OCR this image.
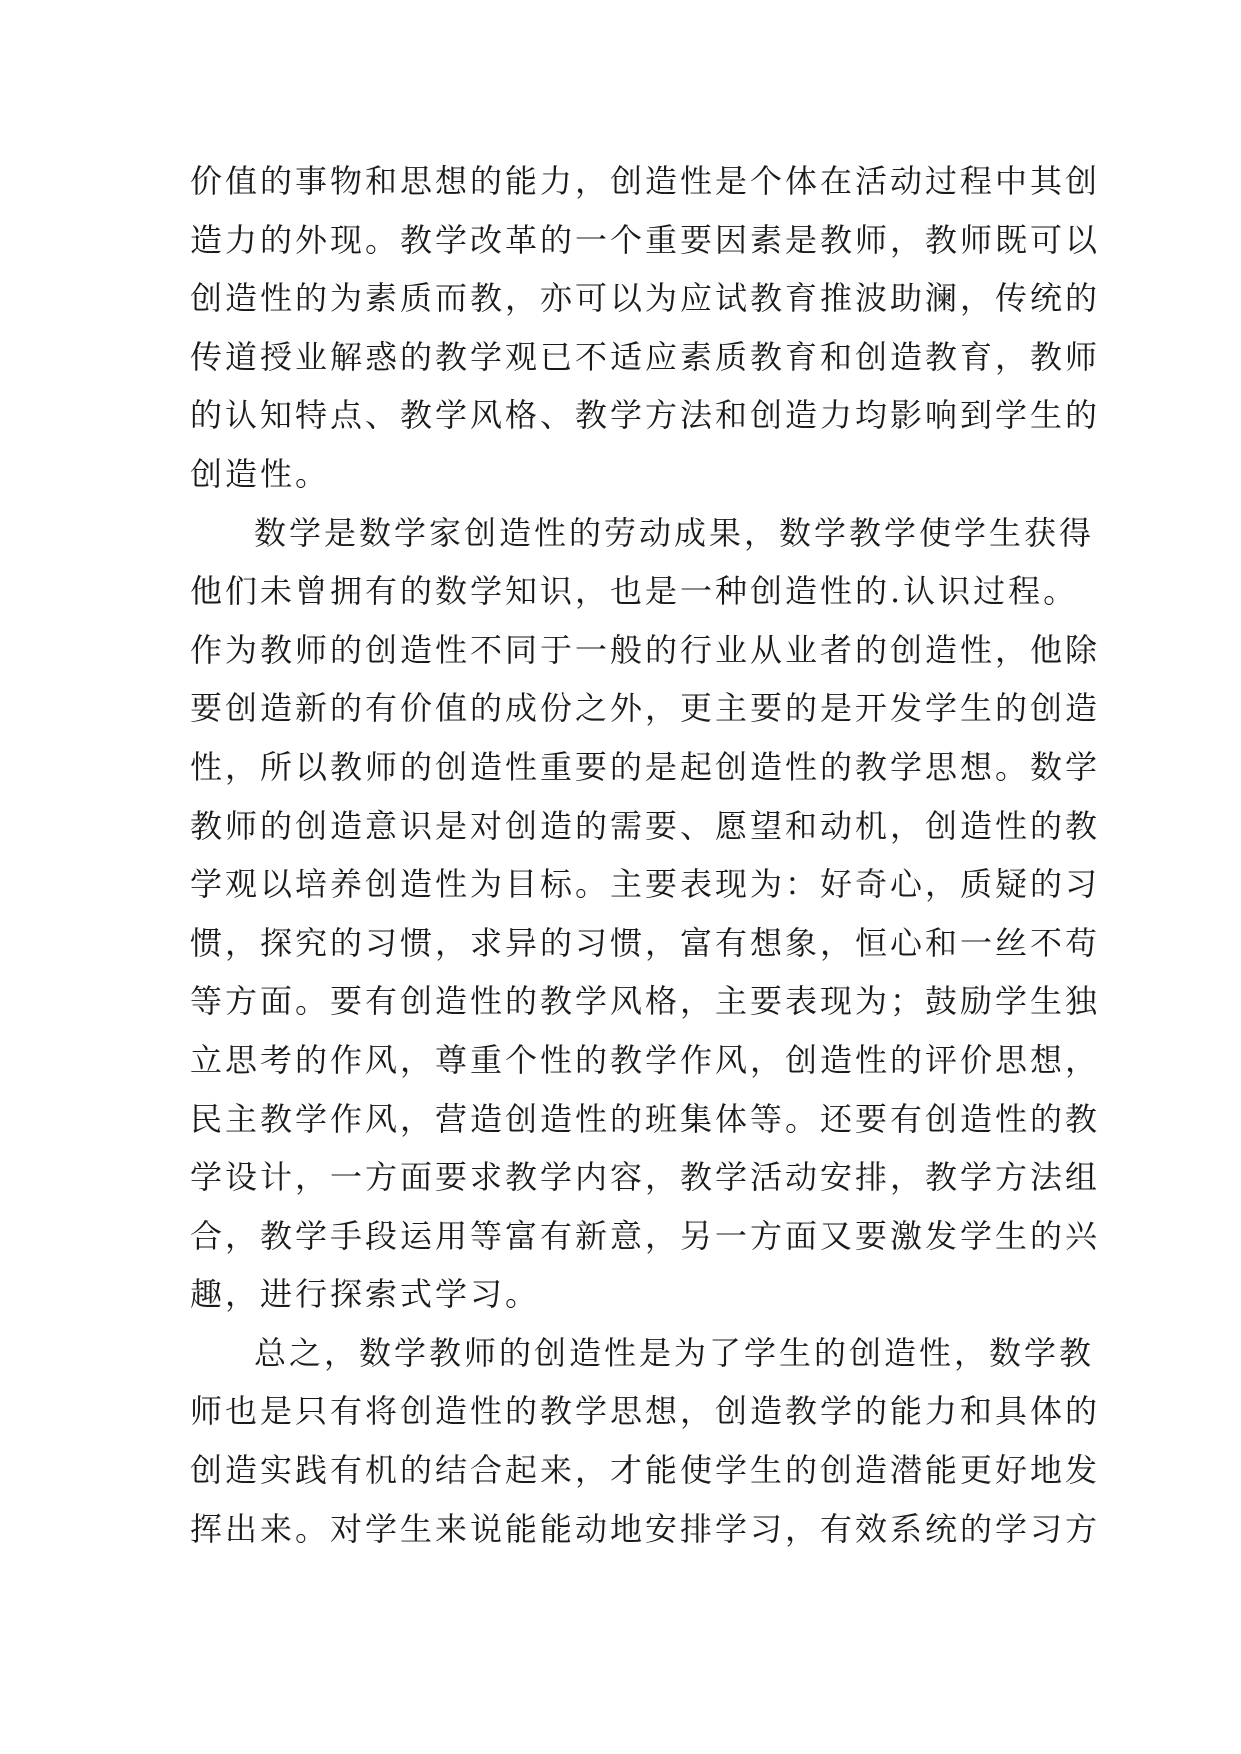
价值的事物和思想的能力，创造性是个体在活动过程中其创
造力的外现。教学改革的一个重要因素是教师，教师既可以
创造性的为素质而教，亦可以为应试教育推波助澜，传统的
传道授业解惑的教学观已不适应素质教育和创造教育，教师
的认知特点、教学风格、教学方法和创造力均影响到学生的
创造性。
数学是数学家创造性的劳动成果，数学教学使学生获得
他们未曾拥有的数学知识，也是一种创造性的.认识过程。
作为教师的创造性不同于一般的行业从业者的创造性，他除
要创造新的有价值的成份之外，更主要的是开发学生的创造
性，所以教师的创造性重要的是起创造性的教学思想。数学
教师的创造意识是对创造的需要、愿望和动机，创造性的教
学观以培养创造性为目标。主要表现为：好奇心，质疑的习
惯，探究的习惯，求异的习惯，富有想象，恒心和一丝不苟
等方面。要有创造性的教学风格，主要表现为；鼓励学生独
立思考的作风，尊重个性的教学作风，创造性的评价思想，
民主教学作风，营造创造性的班集体等。还要有创造性的教
学设计，一方面要求教学内容，教学活动安排，教学方法组
合，教学手段运用等富有新意，另一方面又要激发学生的兴
趣，进行探索式学习。
总之，数学教师的创造性是为了学生的创造性，数学教
师也是只有将创造性的教学思想，创造教学的能力和具体的
创造实践有机的结合起来，才能使学生的创造潜能更好地发
挥出来。对学生来说能能动地安排学习，有效系统的学习方
